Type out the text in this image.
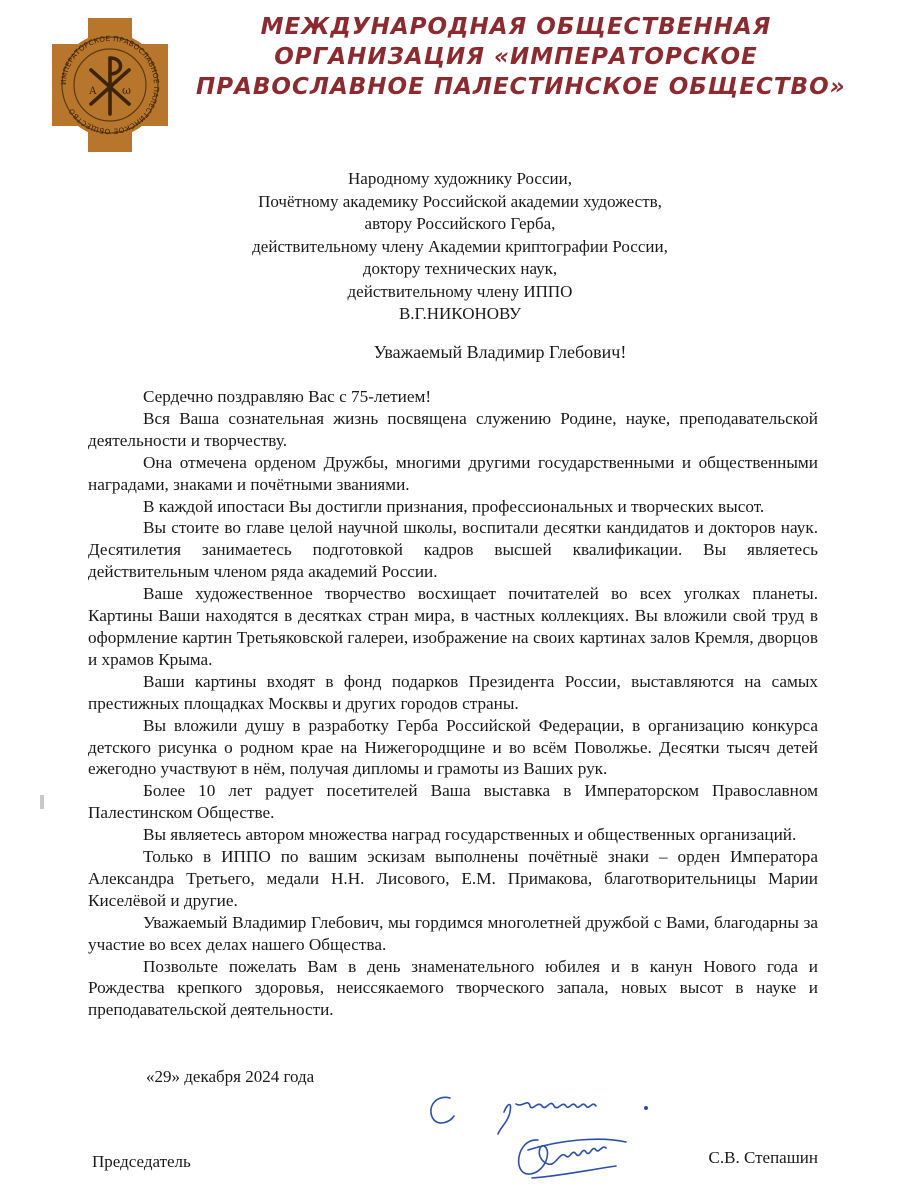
ИМПЕРАТОРСКОЕ ПРАВОСЛАВНОЕ ПАЛЕСТИНСКОЕ ОБЩЕСТВО
А ω
МЕЖДУНАРОДНАЯ ОБЩЕСТВЕННАЯ
ОРГАНИЗАЦИЯ «ИМПЕРАТОРСКОЕ
ПРАВОСЛАВНОЕ ПАЛЕСТИНСКОЕ ОБЩЕСТВО»
Народному художнику России,
Почётному академику Российской академии художеств,
автору Российского Герба,
действительному члену Академии криптографии России,
доктору технических наук,
действительному члену ИППО
В.Г.НИКОНОВУ
Уважаемый Владимир Глебович!

Сердечно поздравляю Вас с 75-летием!

Вся Ваша сознательная жизнь посвящена служению Родине, науке, преподавательской деятельности и творчеству.

Она отмечена орденом Дружбы, многими другими государственными и общественными наградами, знаками и почётными званиями.

В каждой ипостаси Вы достигли признания, профессиональных и творческих высот.

Вы стоите во главе целой научной школы, воспитали десятки кандидатов и докторов наук. Десятилетия занимаетесь подготовкой кадров высшей квалификации. Вы являетесь действительным членом ряда академий России.

Ваше художественное творчество восхищает почитателей во всех уголках планеты. Картины Ваши находятся в десятках стран мира, в частных коллекциях. Вы вложили свой труд в оформление картин Третьяковской галереи, изображение на своих картинах залов Кремля, дворцов и храмов Крыма.

Ваши картины входят в фонд подарков Президента России, выставляются на самых престижных площадках Москвы и других городов страны.

Вы вложили душу в разработку Герба Российской Федерации, в организацию конкурса детского рисунка о родном крае на Нижегородщине и во всём Поволжье. Десятки тысяч детей ежегодно участвуют в нём, получая дипломы и грамоты из Ваших рук.

Более 10 лет радует посетителей Ваша выставка в Императорском Православном Палестинском Обществе.

Вы являетесь автором множества наград государственных и общественных организаций.

Только в ИППО по вашим эскизам выполнены почётныё знаки – орден Императора Александра Третьего, медали Н.Н. Лисового, Е.М. Примакова, благотворительницы Марии Киселёвой и другие.

Уважаемый Владимир Глебович, мы гордимся многолетней дружбой с Вами, благодарны за участие во всех делах нашего Общества.

Позвольте пожелать Вам в день знаменательного юбилея и в канун Нового года и Рождества крепкого здоровья, неиссякаемого творческого запала, новых высот в науке и преподавательской деятельности.

«29» декабря 2024 года
Председатель	С.В. Степашин
